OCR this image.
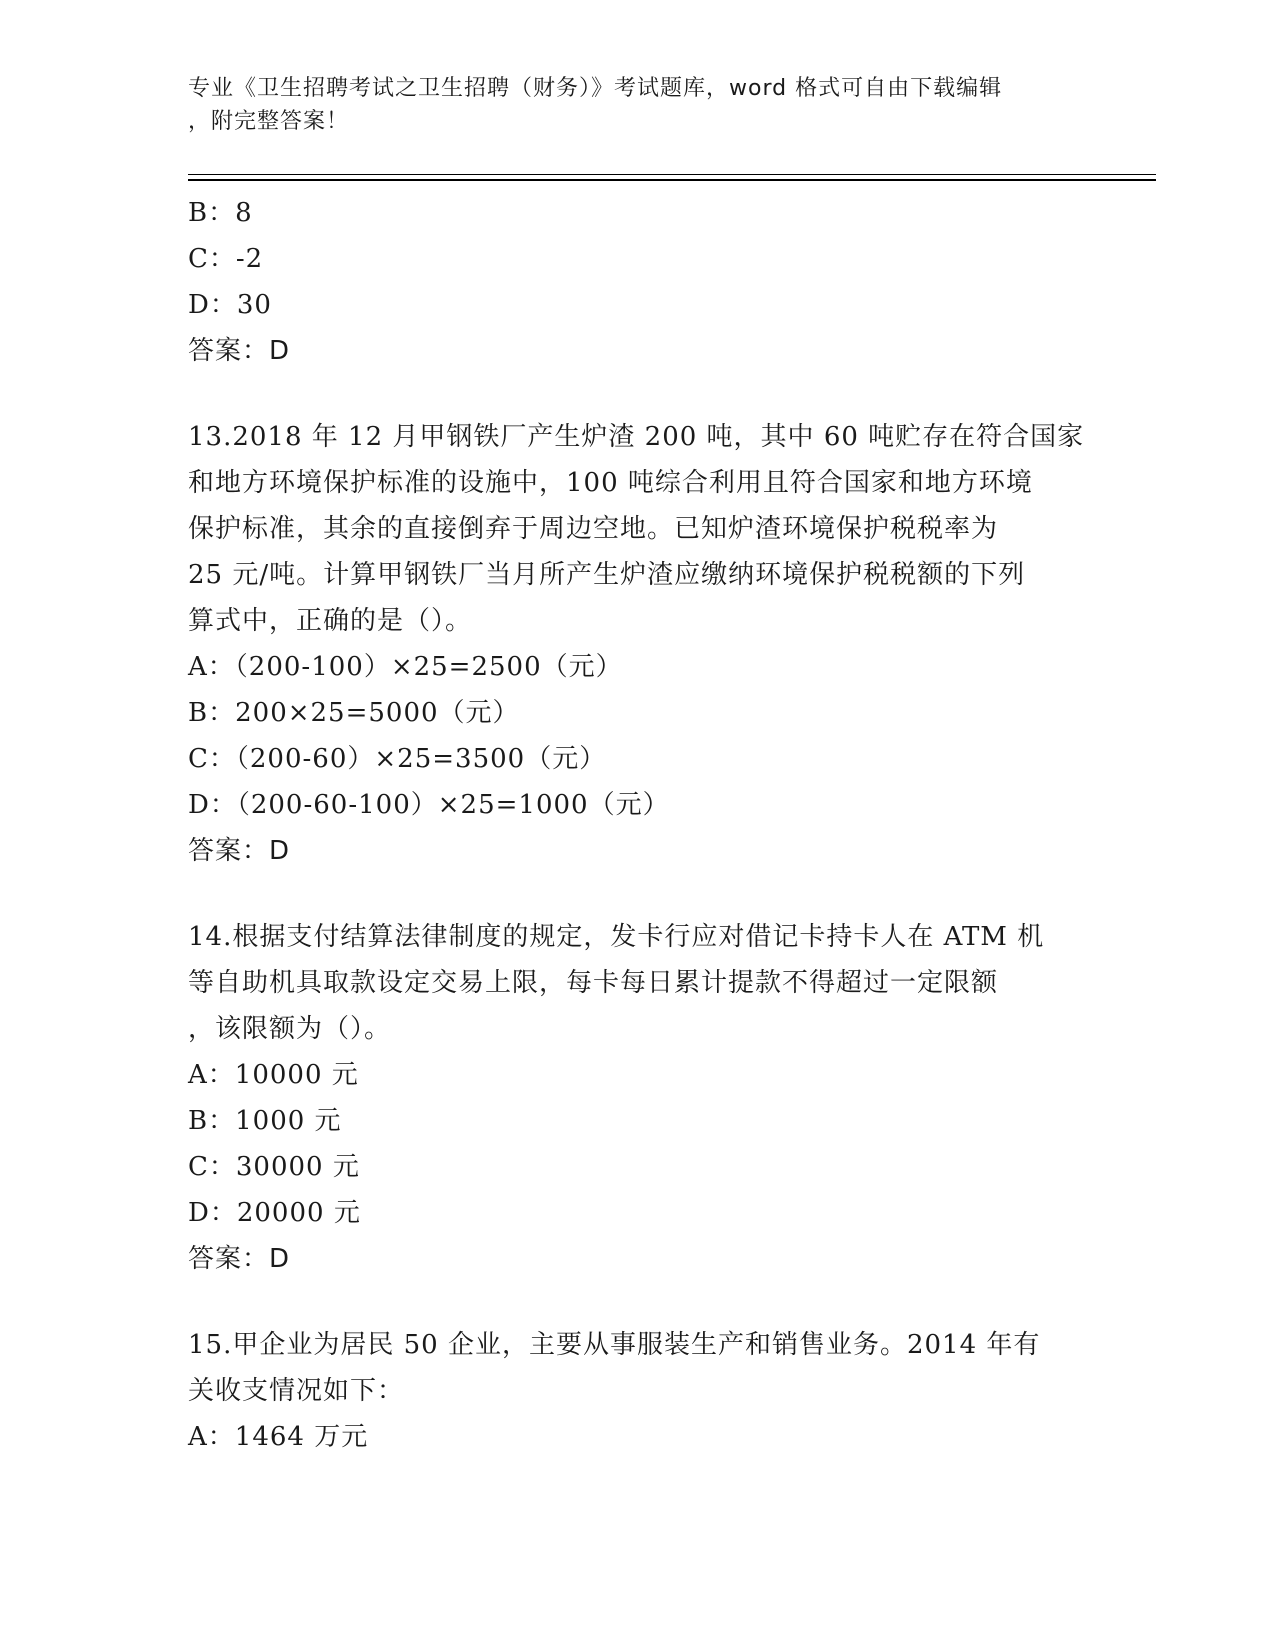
专业《卫生招聘考试之卫生招聘（财务）》考试题库，word 格式可自由下载编辑
，附完整答案！
B：8
C：-2
D：30
答案：D
13.2018 年 12 月甲钢铁厂产生炉渣 200 吨，其中 60 吨贮存在符合国家
和地方环境保护标准的设施中，100 吨综合利用且符合国家和地方环境
保护标准，其余的直接倒弃于周边空地。已知炉渣环境保护税税率为
25 元/吨。计算甲钢铁厂当月所产生炉渣应缴纳环境保护税税额的下列
算式中，正确的是（）。
A：（200-100）×25=2500（元）
B：200×25=5000（元）
C：（200-60）×25=3500（元）
D：（200-60-100）×25=1000（元）
答案：D
14.根据支付结算法律制度的规定，发卡行应对借记卡持卡人在 ATM 机
等自助机具取款设定交易上限，每卡每日累计提款不得超过一定限额
，该限额为（）。
A：10000 元
B：1000 元
C：30000 元
D：20000 元
答案：D
15.甲企业为居民 50 企业，主要从事服装生产和销售业务。2014 年有
关收支情况如下：
A：1464 万元
